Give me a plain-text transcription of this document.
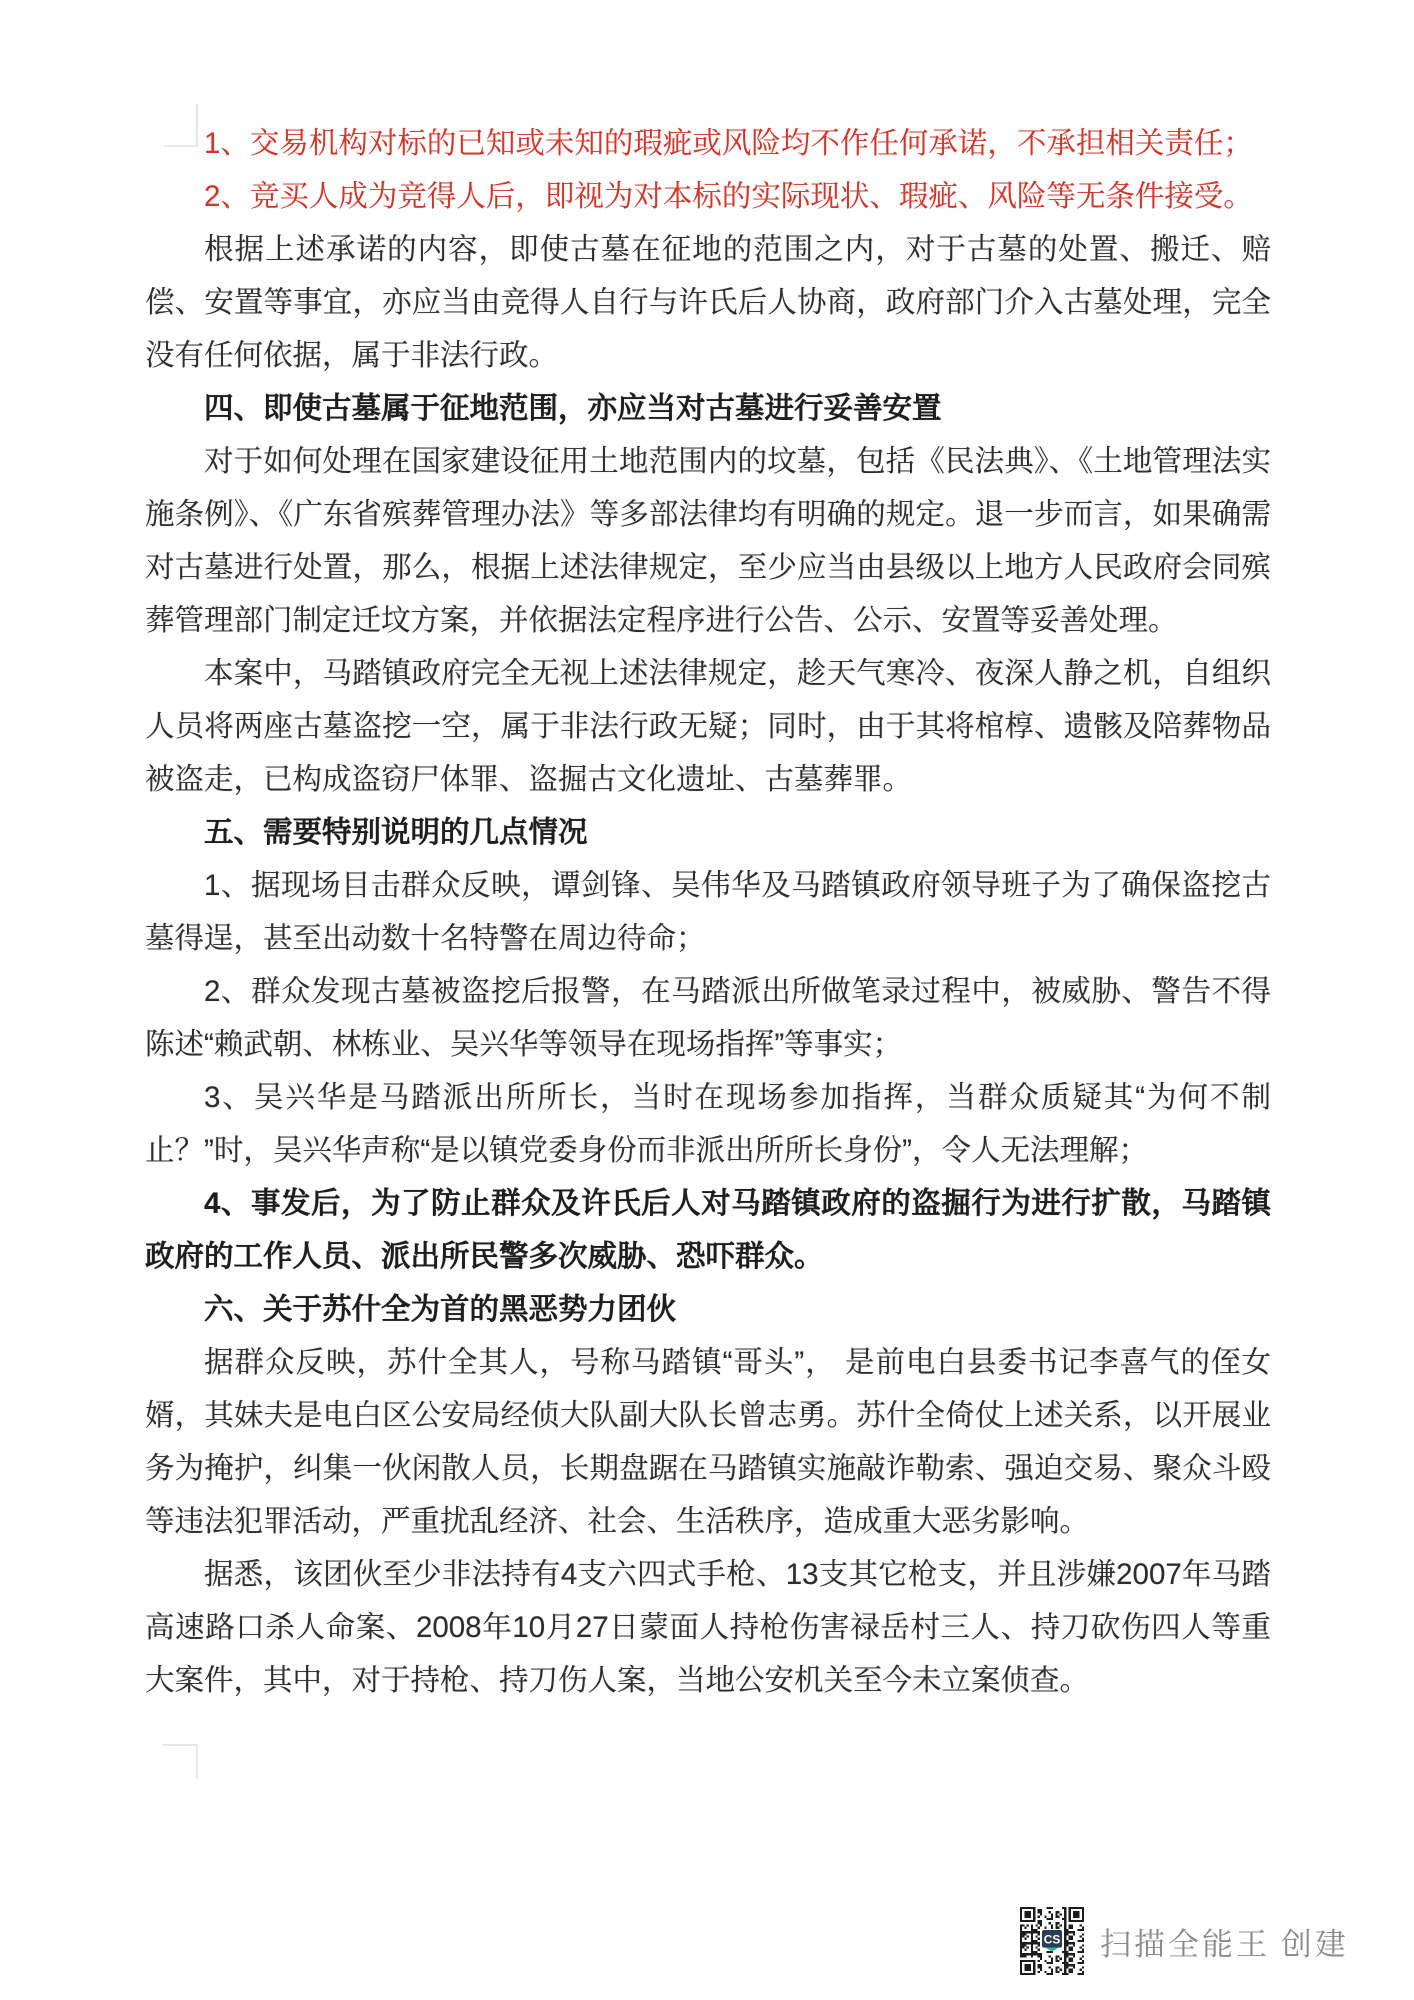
1、交易机构对标的已知或未知的瑕疵或风险均不作任何承诺，不承担相关责任；

2、竞买人成为竞得人后，即视为对本标的实际现状、瑕疵、风险等无条件接受。

根据上述承诺的内容，即使古墓在征地的范围之内，对于古墓的处置、搬迁、赔偿、安置等事宜，亦应当由竞得人自行与许氏后人协商，政府部门介入古墓处理，完全没有任何依据，属于非法行政。

四、即使古墓属于征地范围，亦应当对古墓进行妥善安置

对于如何处理在国家建设征用土地范围内的坟墓，包括《民法典》、《土地管理法实施条例》、《广东省殡葬管理办法》等多部法律均有明确的规定。退一步而言，如果确需对古墓进行处置，那么，根据上述法律规定，至少应当由县级以上地方人民政府会同殡葬管理部门制定迁坟方案，并依据法定程序进行公告、公示、安置等妥善处理。

本案中，马踏镇政府完全无视上述法律规定，趁天气寒冷、夜深人静之机，自组织人员将两座古墓盗挖一空，属于非法行政无疑；同时，由于其将棺椁、遗骸及陪葬物品被盗走，已构成盗窃尸体罪、盗掘古文化遗址、古墓葬罪。

五、需要特别说明的几点情况

1、据现场目击群众反映，谭剑锋、吴伟华及马踏镇政府领导班子为了确保盗挖古墓得逞，甚至出动数十名特警在周边待命；

2、群众发现古墓被盗挖后报警，在马踏派出所做笔录过程中，被威胁、警告不得陈述“赖武朝、林栋业、吴兴华等领导在现场指挥”等事实；

3、吴兴华是马踏派出所所长，当时在现场参加指挥，当群众质疑其“为何不制止？”时，吴兴华声称“是以镇党委身份而非派出所所长身份”，令人无法理解；

4、事发后，为了防止群众及许氏后人对马踏镇政府的盗掘行为进行扩散，马踏镇政府的工作人员、派出所民警多次威胁、恐吓群众。

六、关于苏什全为首的黑恶势力团伙

据群众反映，苏什全其人，号称马踏镇“哥头”， 是前电白县委书记李喜气的侄女婿，其妹夫是电白区公安局经侦大队副大队长曾志勇。苏什全倚仗上述关系，以开展业务为掩护，纠集一伙闲散人员，长期盘踞在马踏镇实施敲诈勒索、强迫交易、聚众斗殴等违法犯罪活动，严重扰乱经济、社会、生活秩序，造成重大恶劣影响。

据悉，该团伙至少非法持有4支六四式手枪、13支其它枪支，并且涉嫌2007年马踏高速路口杀人命案、2008年10月27日蒙面人持枪伤害禄岳村三人、持刀砍伤四人等重大案件，其中，对于持枪、持刀伤人案，当地公安机关至今未立案侦查。

CS 扫描全能王 创建
